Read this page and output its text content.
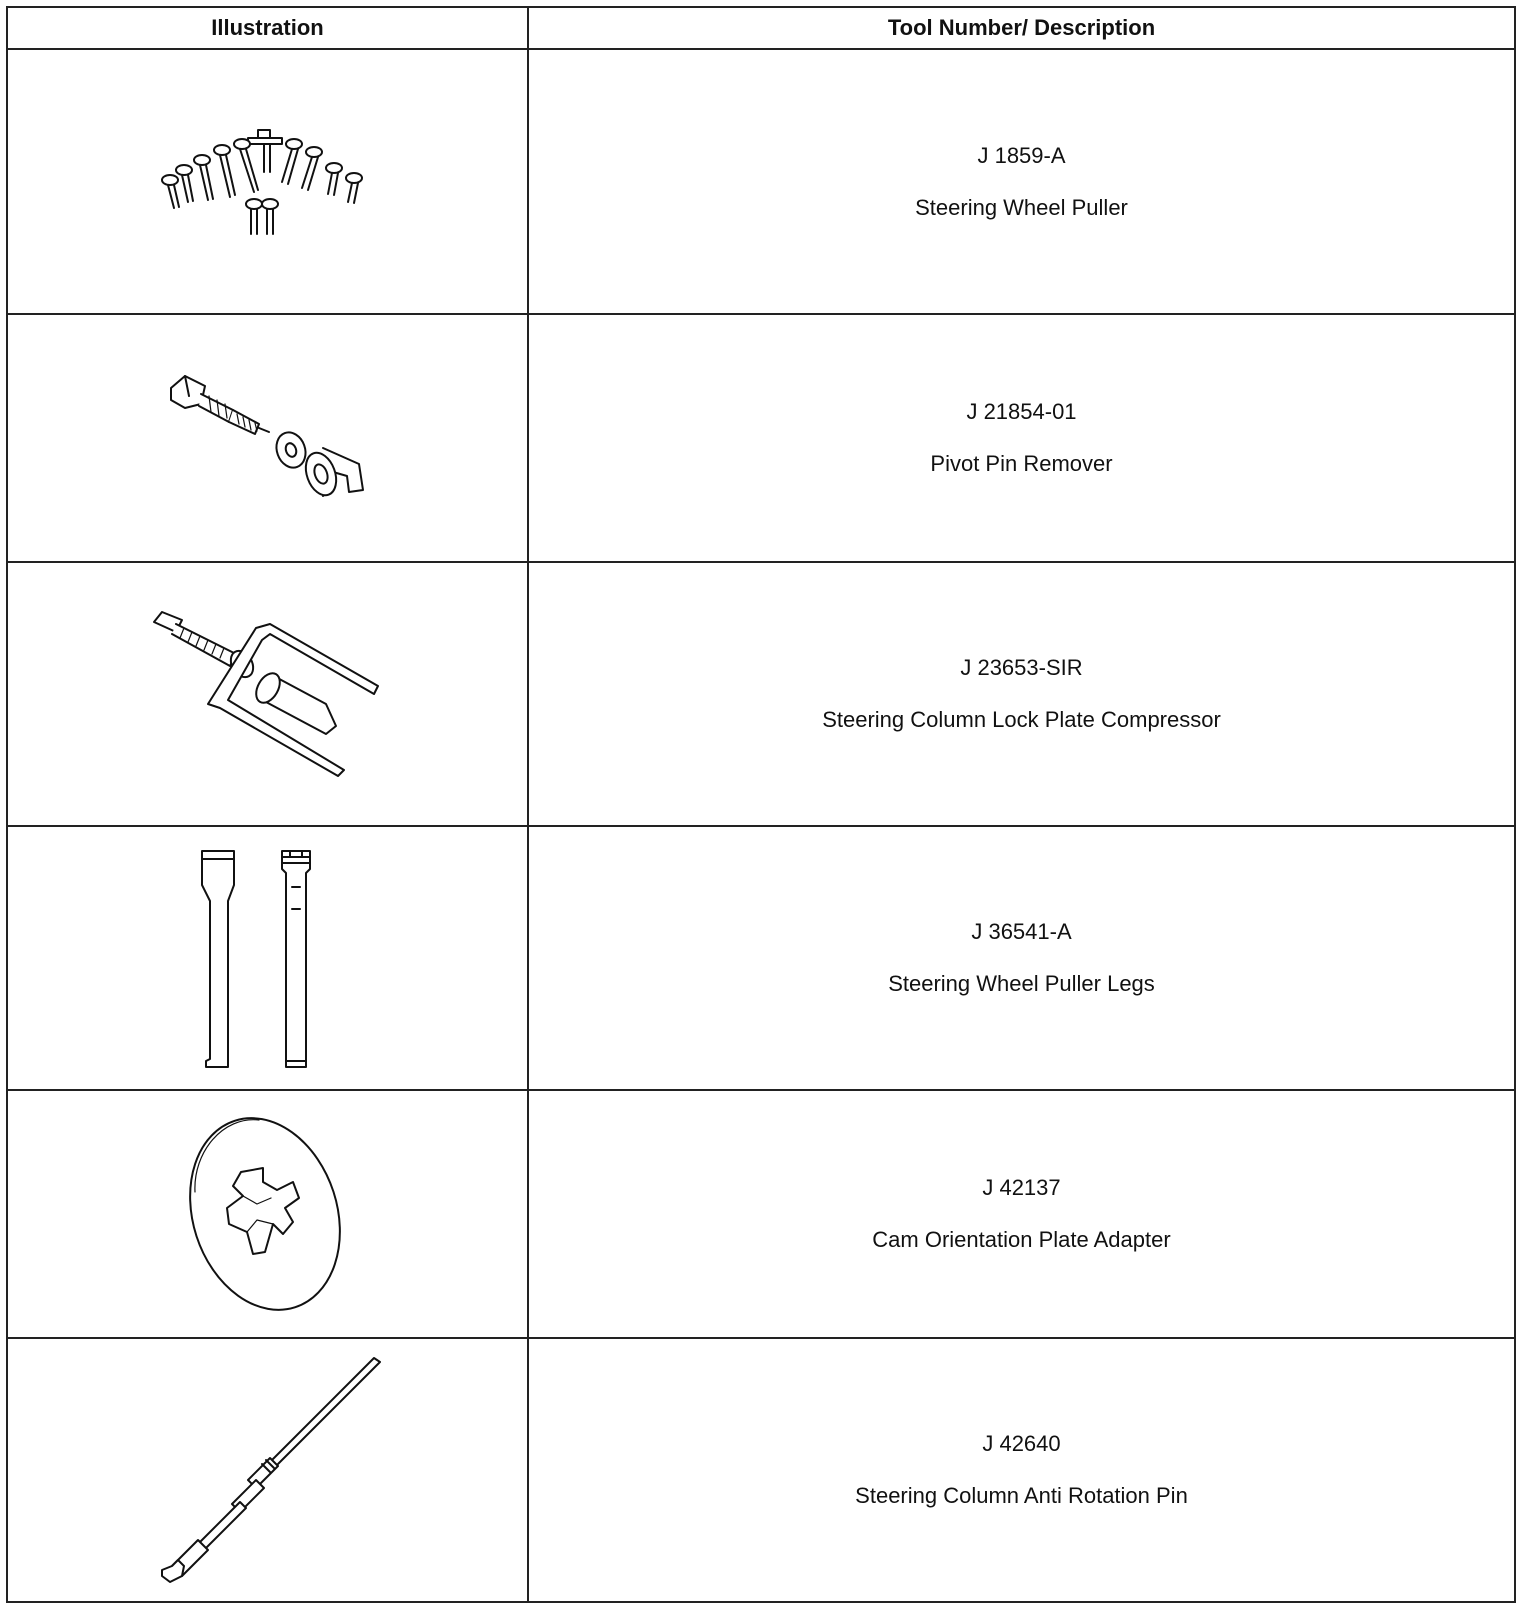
Illustration	Tool Number/ Description

J 1859-A
Steering Wheel Puller

J 21854-01
Pivot Pin Remover

J 23653-SIR
Steering Column Lock Plate Compressor

J 36541-A
Steering Wheel Puller Legs

J 42137
Cam Orientation Plate Adapter

J 42640
Steering Column Anti Rotation Pin
